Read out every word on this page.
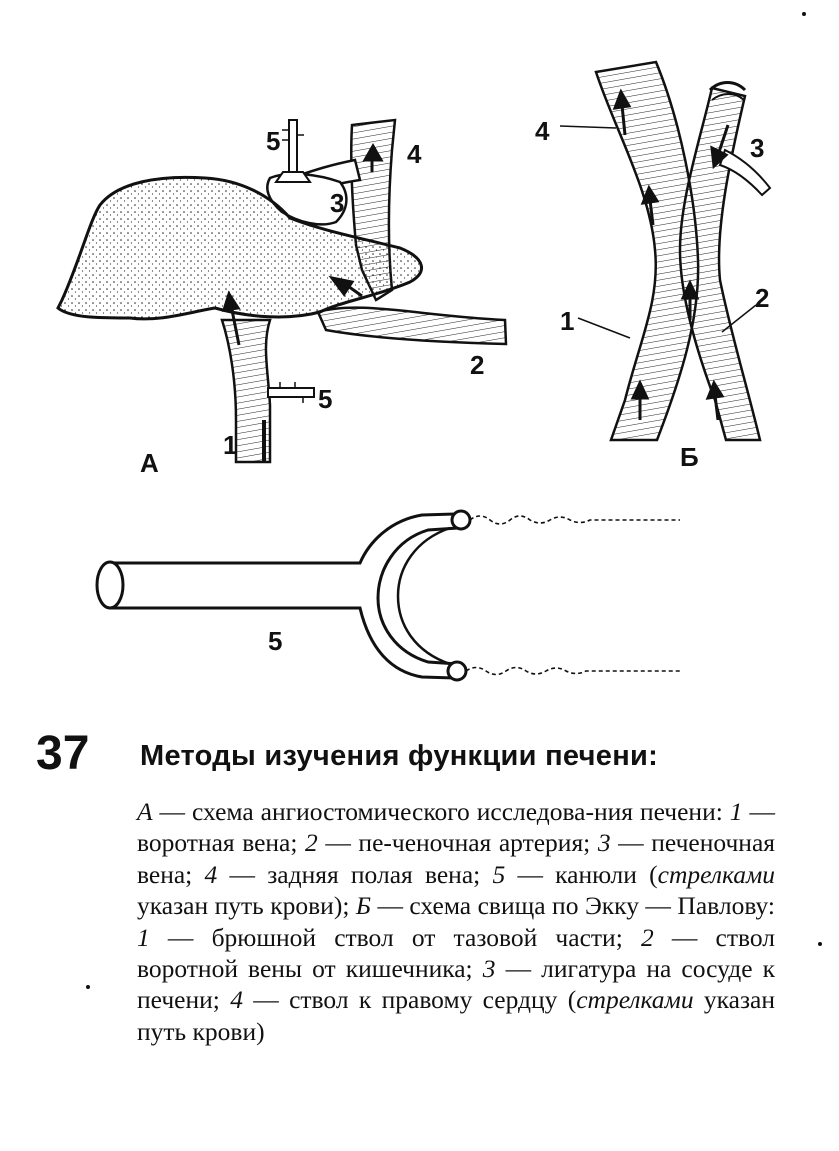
5	4
3
2
5
1
А
4
3
2
1
Б
5
37 Методы изучения функции печени:
А — схема ангиостомического исследова-ния печени: 1 — воротная вена; 2 — пе-ченочная артерия; 3 — печеночная вена; 4 — задняя полая вена; 5 — канюли (стрелками указан путь крови); Б — схема свища по Экку — Павлову: 1 — брюшной ствол от тазовой части; 2 — ствол воротной вены от кишечника; 3 — лигатура на сосуде к печени; 4 — ствол к правому сердцу (стрелками указан путь крови)
